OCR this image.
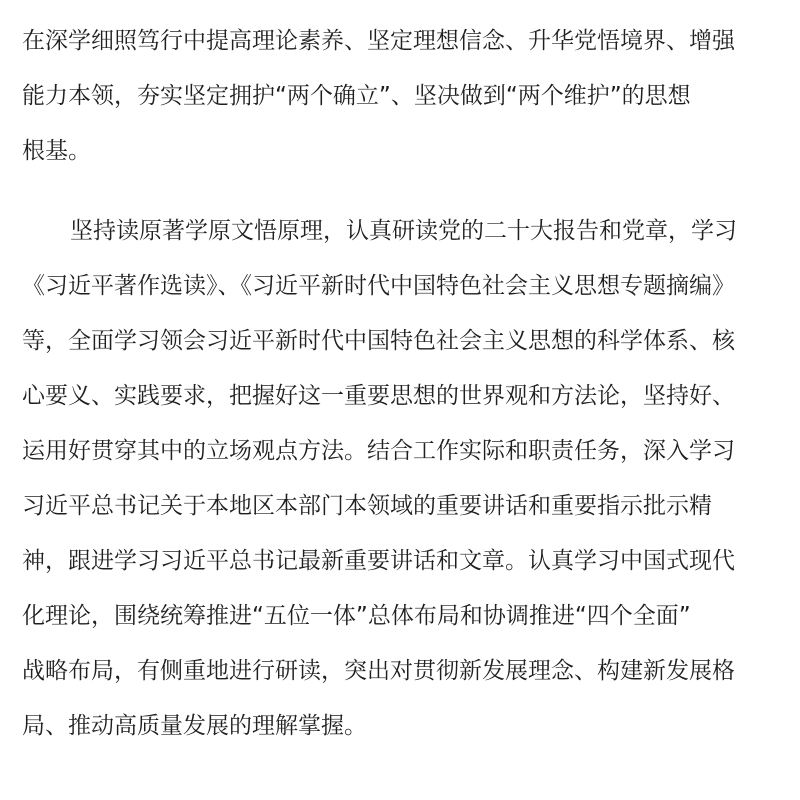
在深学细照笃行中提高理论素养、坚定理想信念、升华党悟境界、增强
能力本领，夯实坚定拥护“两个确立”、坚决做到“两个维护”的思想
根基。
坚持读原著学原文悟原理，认真研读党的二十大报告和党章，学习
《习近平著作选读》、《习近平新时代中国特色社会主义思想专题摘编》
等，全面学习领会习近平新时代中国特色社会主义思想的科学体系、核
心要义、实践要求，把握好这一重要思想的世界观和方法论，坚持好、
运用好贯穿其中的立场观点方法。结合工作实际和职责任务，深入学习
习近平总书记关于本地区本部门本领域的重要讲话和重要指示批示精
神，跟进学习习近平总书记最新重要讲话和文章。认真学习中国式现代
化理论，围绕统筹推进“五位一体”总体布局和协调推进“四个全面”
战略布局，有侧重地进行研读，突出对贯彻新发展理念、构建新发展格
局、推动高质量发展的理解掌握。
